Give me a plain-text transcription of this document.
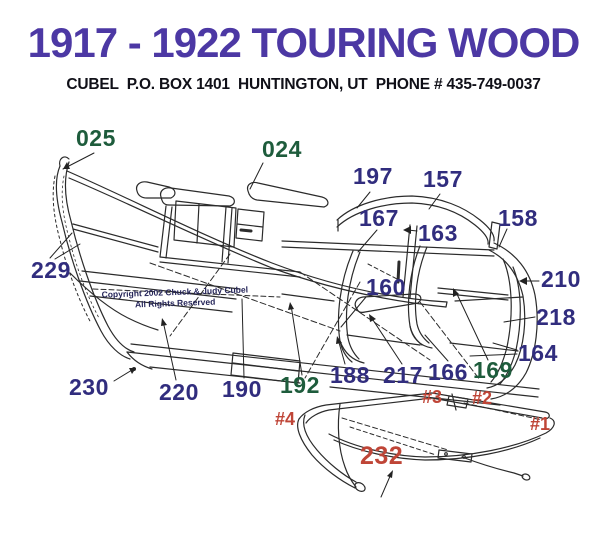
1917 - 1922 TOURING WOOD
CUBEL  P.O. BOX 1401  HUNTINGTON, UT  PHONE # 435-749-0037
Copyright 2002 Chuck & Judy Cubel
All Rights Reserved
025	024
197 157
167
163
158
210
218
164
229
160
230 220 190 192 188 217 166 169
#4
#3 #2
#1
232
